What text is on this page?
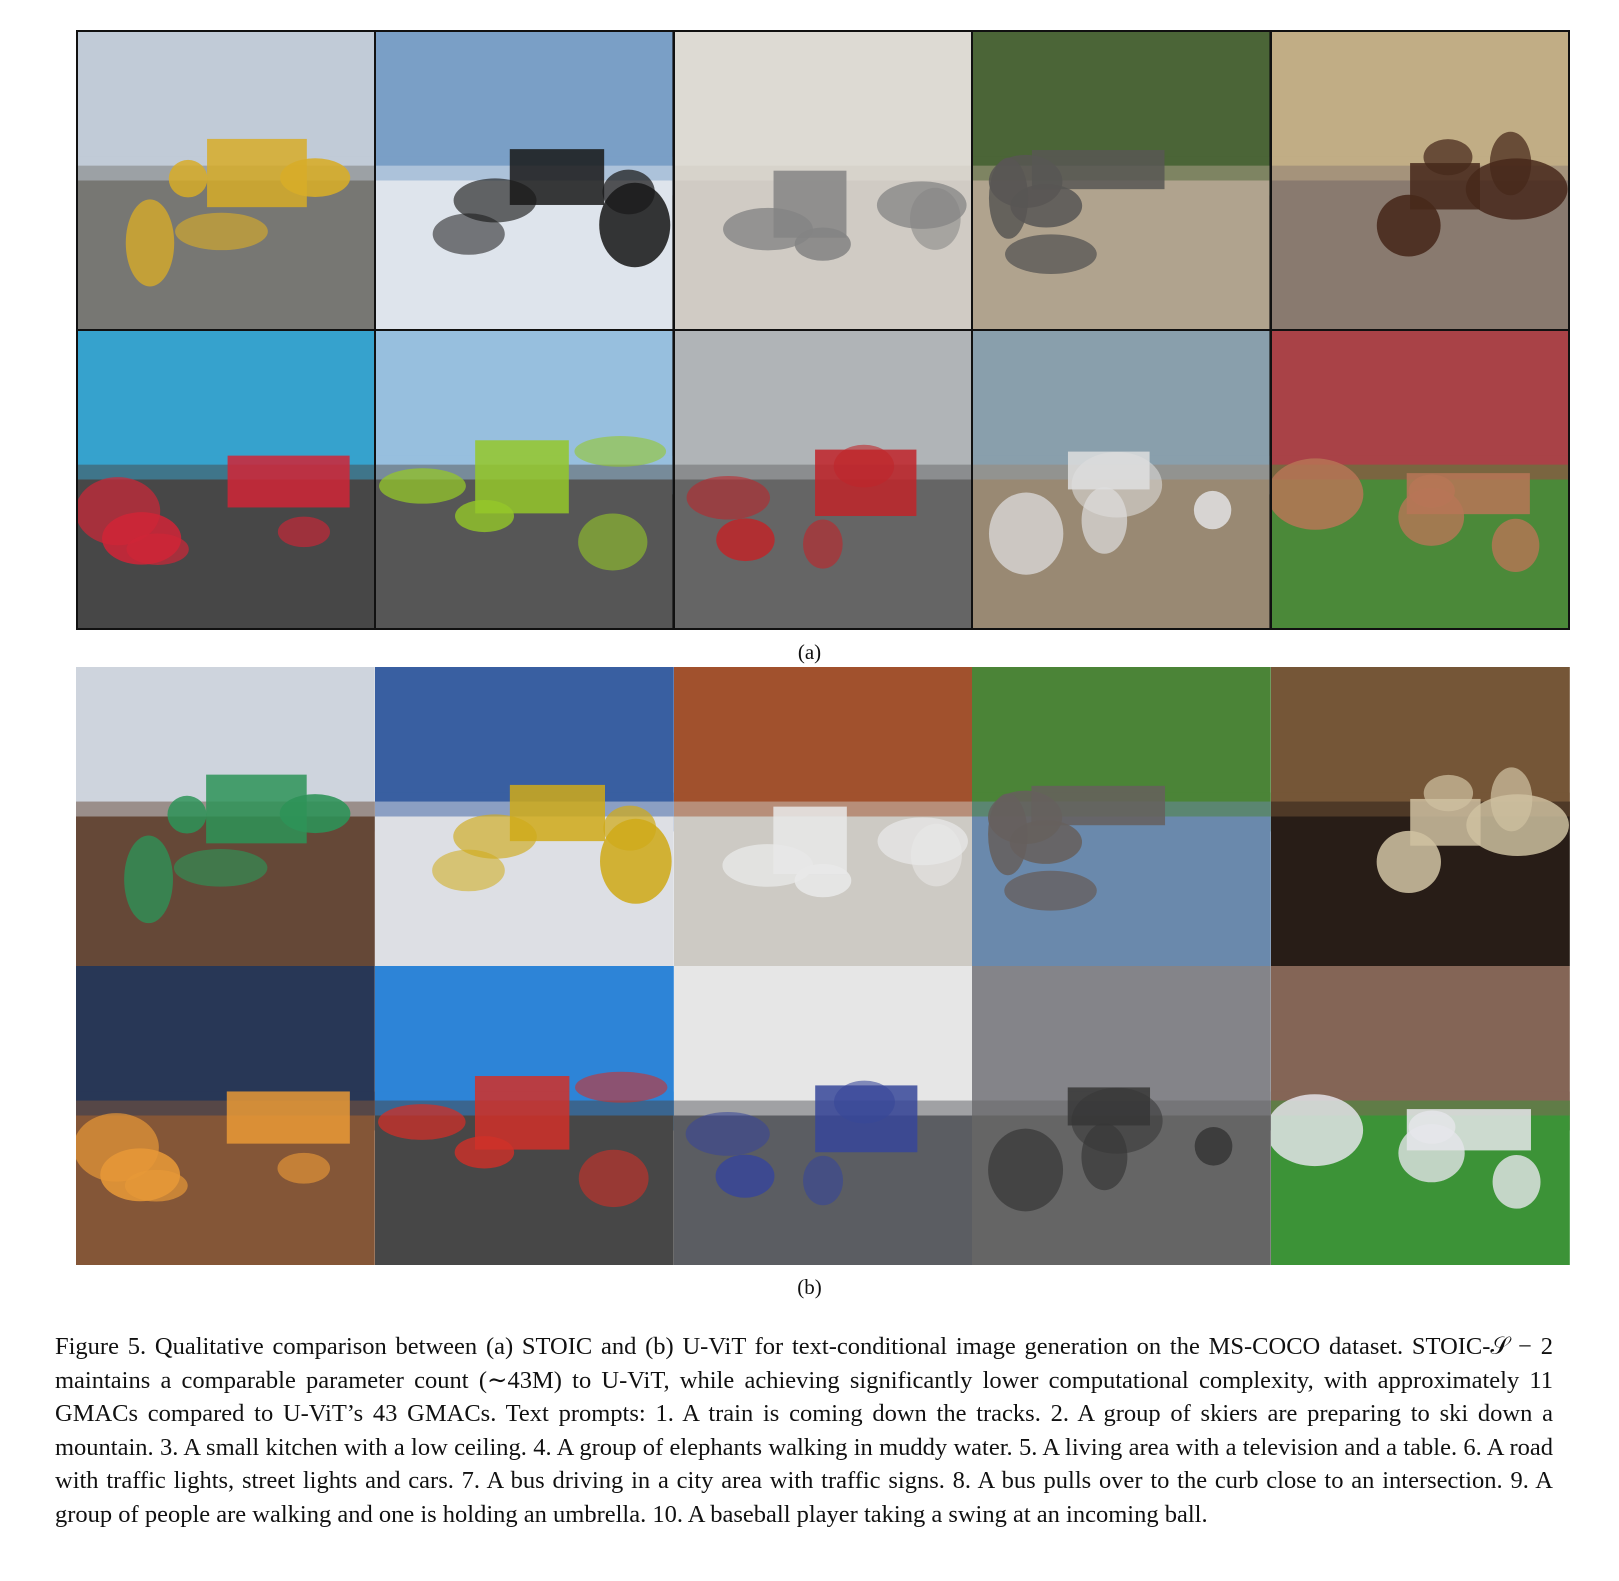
(a)
(b)

Figure 5. Qualitative comparison between (a) STOIC and (b) U-ViT for text-conditional image generation on the MS-COCO dataset. STOIC-𝒮 − 2 maintains a comparable parameter count (∼43M) to U-ViT, while achieving significantly lower computational complexity, with approximately 11 GMACs compared to U-ViT’s 43 GMACs. Text prompts: 1. A train is coming down the tracks. 2. A group of skiers are preparing to ski down a mountain. 3. A small kitchen with a low ceiling. 4. A group of elephants walking in muddy water. 5. A living area with a television and a table. 6. A road with traffic lights, street lights and cars. 7. A bus driving in a city area with traffic signs. 8. A bus pulls over to the curb close to an intersection. 9. A group of people are walking and one is holding an umbrella. 10. A baseball player taking a swing at an incoming ball.
